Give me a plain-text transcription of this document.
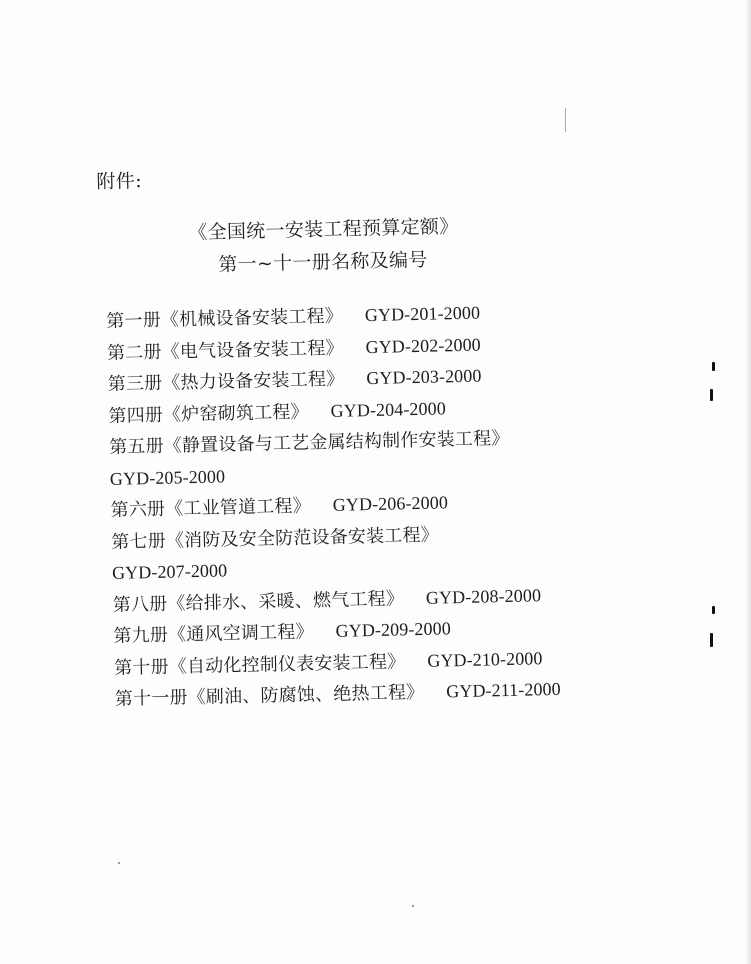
附件:
《全国统一安装工程预算定额》
第一~十一册名称及编号
第一册《机械设备安装工程》 GYD-201-2000
第二册《电气设备安装工程》 GYD-202-2000
第三册《热力设备安装工程》 GYD-203-2000
第四册《炉窑砌筑工程》 GYD-204-2000
第五册《静置设备与工艺金属结构制作安装工程》
GYD-205-2000
第六册《工业管道工程》 GYD-206-2000
第七册《消防及安全防范设备安装工程》
GYD-207-2000
第八册《给排水、采暖、燃气工程》 GYD-208-2000
第九册《通风空调工程》 GYD-209-2000
第十册《自动化控制仪表安装工程》 GYD-210-2000
第十一册《刷油、防腐蚀、绝热工程》 GYD-211-2000
